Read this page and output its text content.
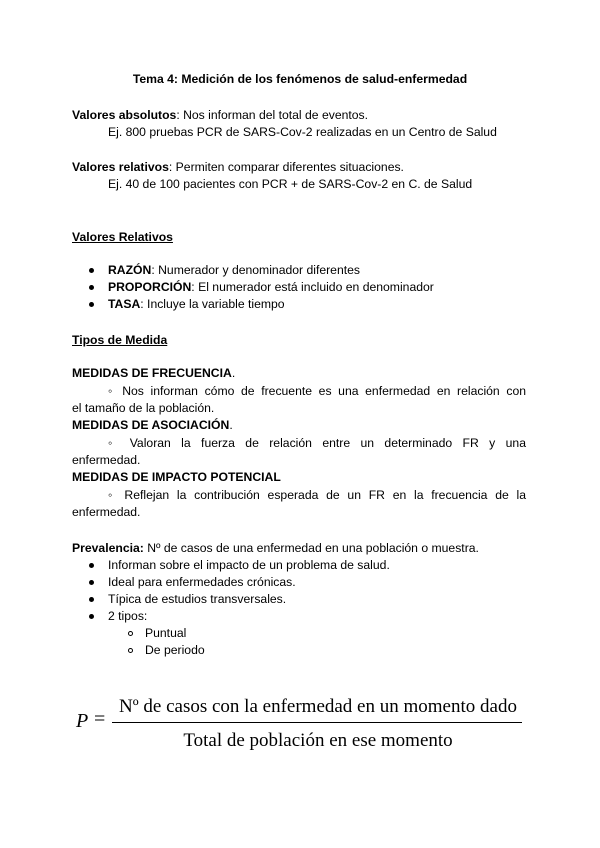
Tema 4: Medición de los fenómenos de salud-enfermedad
Valores absolutos: Nos informan del total de eventos.
Ej. 800 pruebas PCR de SARS-Cov-2 realizadas en un Centro de Salud
Valores relativos: Permiten comparar diferentes situaciones.
Ej. 40 de 100 pacientes con PCR + de SARS-Cov-2 en C. de Salud
Valores Relativos
RAZÓN: Numerador y denominador diferentes
PROPORCIÓN: El numerador está incluido en denominador
TASA: Incluye la variable tiempo
Tipos de Medida
MEDIDAS DE FRECUENCIA.
◦ Nos informan cómo de frecuente es una enfermedad en relación con
el tamaño de la población.
MEDIDAS DE ASOCIACIÓN.
◦ Valoran la fuerza de relación entre un determinado FR y una
enfermedad.
MEDIDAS DE IMPACTO POTENCIAL
◦ Reflejan la contribución esperada de un FR en la frecuencia de la
enfermedad.
Prevalencia: Nº de casos de una enfermedad en una población o muestra.
Informan sobre el impacto de un problema de salud.
Ideal para enfermedades crónicas.
Típica de estudios transversales.
2 tipos:
Puntual
De periodo
P =
Nº de casos con la enfermedad en un momento dado
Total de población en ese momento
